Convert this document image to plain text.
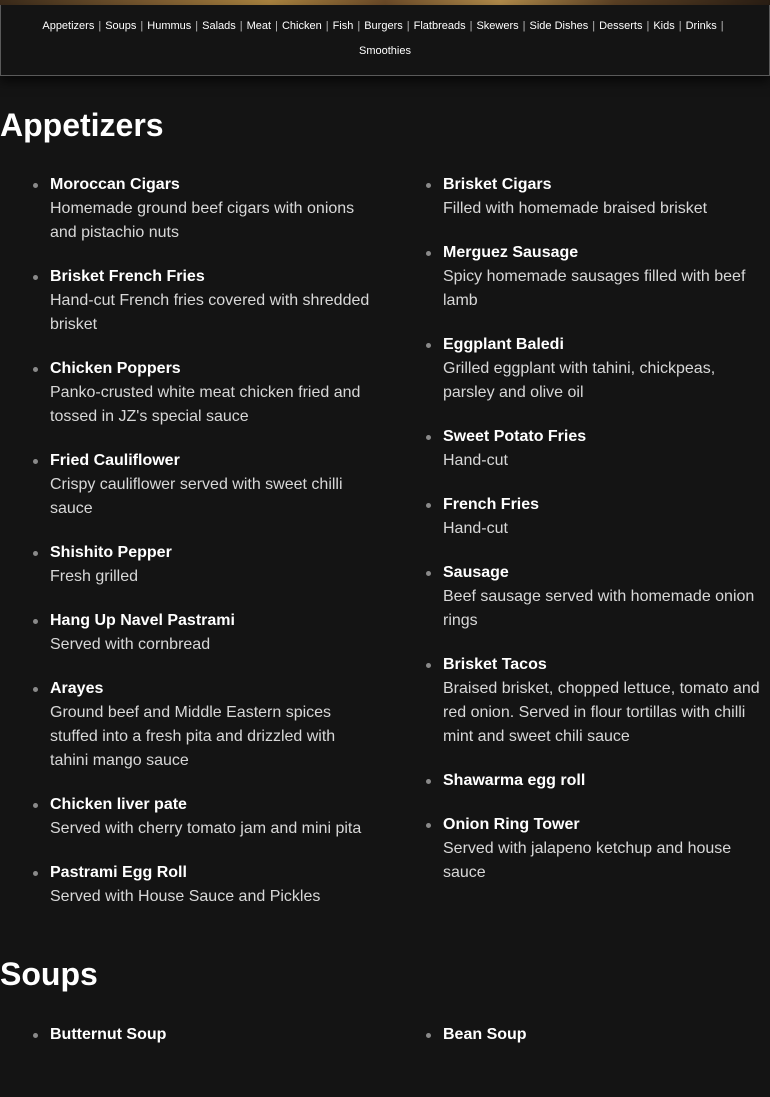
Appetizers | Soups | Hummus | Salads | Meat | Chicken | Fish | Burgers | Flatbreads | Skewers | Side Dishes | Desserts | Kids | Drinks |
Smoothies
Appetizers
Moroccan Cigars
Homemade ground beef cigars with onions and pistachio nuts
Brisket French Fries
Hand-cut French fries covered with shredded brisket
Chicken Poppers
Panko-crusted white meat chicken fried and tossed in JZ's special sauce
Fried Cauliflower
Crispy cauliflower served with sweet chilli sauce
Shishito Pepper
Fresh grilled
Hang Up Navel Pastrami
Served with cornbread
Arayes
Ground beef and Middle Eastern spices stuffed into a fresh pita and drizzled with tahini mango sauce
Chicken liver pate
Served with cherry tomato jam and mini pita
Pastrami Egg Roll
Served with House Sauce and Pickles
Brisket Cigars
Filled with homemade braised brisket
Merguez Sausage
Spicy homemade sausages filled with beef lamb
Eggplant Baledi
Grilled eggplant with tahini, chickpeas, parsley and olive oil
Sweet Potato Fries
Hand-cut
French Fries
Hand-cut
Sausage
Beef sausage served with homemade onion rings
Brisket Tacos
Braised brisket, chopped lettuce, tomato and red onion. Served in flour tortillas with chilli mint and sweet chili sauce
Shawarma egg roll
Onion Ring Tower
Served with jalapeno ketchup and house sauce
Soups
Butternut Soup	Bean Soup
